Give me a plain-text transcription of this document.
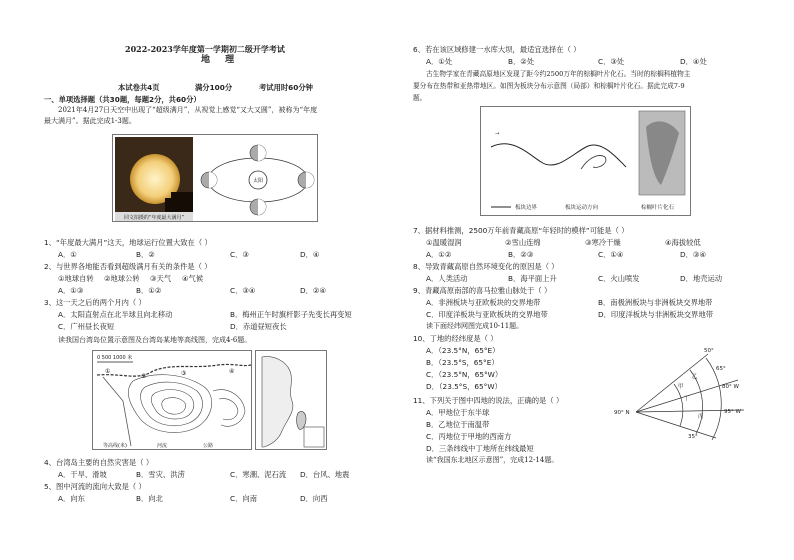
2022-2023学年度第一学期初二级开学考试
地 理
本试卷共4页	满分100分	考试用时60分钟
一、单项选择题（共30题，每题2分，共60分）
2021年4月27日天空中出现了“超级满月”，从视觉上感觉“又大又圆”，被称为“年度
最大满月”。据此完成1-3题。
同文拍摄的“年度最大满月”
太阳
1、“年度最大满月”这天，地球运行位置大致在（ ）
A．①	B．②	C．③	D．④
2、与世界各地能否看到超级满月有关的条件是（ ）
①地球自转 ②地球公转 ③天气 ④气候
A．①③	B．①②	C．③④	D．②④
3、这一天之后的两个月内（ ）
A．太阳直射点在北半球且向北移动	B．梅州正午时旗杆影子先变长再变短
C．广州昼长夜短	D．赤道昼短夜长
读我国台湾岛位置示意图及台湾岛某地等高线图，完成4-6题。
0 500 1000 米
①
②	③	④
等高线(米)	河流	公路
4、台湾岛主要的自然灾害是（ ）
A．干旱、滑坡	B．雪灾、洪涝	C．寒潮、泥石流 D．台风、地震
5、图中河流的流向大致是（ ）
A．向东	B．向北	C．向南	D．向西
6、若在该区域修建一水库大坝，最适宜选择在（ ）
A．①处	B．②处	C．③处	D．④处
古生物学家在青藏高原地区发现了距今约2500万年的棕榈叶片化石。当时的棕榈科植物主
要分布在热带和亚热带地区。如图为板块分布示意图（局部）和棕榈叶片化石。据此完成7-9
题。
→
板块边界	板块运动方向	棕榈叶片化石
7、据材料推测，2500万年前青藏高原“年轻时的模样”可能是（ ）
①温暖湿润	②雪山连绵	③寒冷干燥	④海拔较低
A．①②	B．②③	C．①④	D．③④
8、导致青藏高原自然环境变化的原因是（ ）
A．人类活动	B．海平面上升	C．火山喷发	D．地壳运动
9、青藏高原南部的喜马拉雅山脉处于（ ）
A．非洲板块与亚欧板块的交界地带	B．南极洲板块与非洲板块交界地带
C．印度洋板块与亚欧板块的交界地带	D．印度洋板块与非洲板块交界地带
读下面经纬网图完成10-11题。
10、丁地的经纬度是（ ）
A．（23.5°N，65°E）
B．（23.5°S，65°E）
C．（23.5°N，65°W）
D．（23.5°S，65°W）
11、下列关于图中四地的说法，正确的是（ ）
A．甲地位于东半球
B．乙地位于南温带
C．丙地位于甲地的西南方
D．三条纬线中丁地所在纬线最短
读“我国东北地区示意图”，完成12-14题。
50°
65°
80° W
95° W
35°
90° N
甲
乙
丙
丁
